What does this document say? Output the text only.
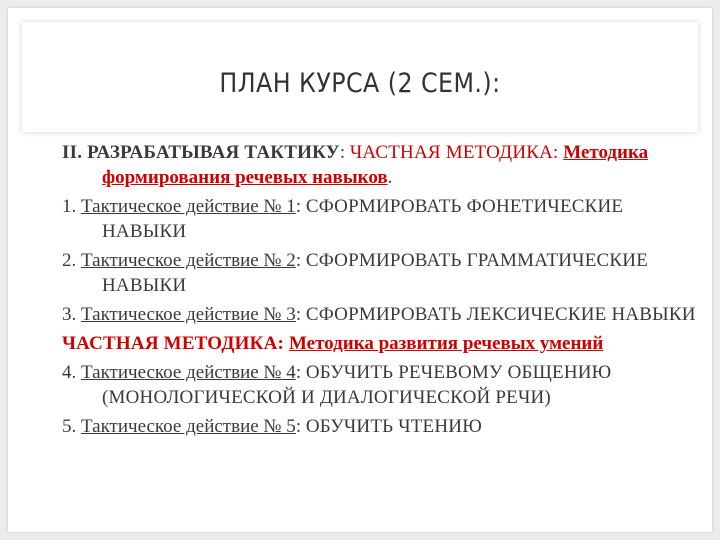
ПЛАН КУРСА (2 СЕМ.):

II. РАЗРАБАТЫВАЯ ТАКТИКУ: ЧАСТНАЯ МЕТОДИКА: Методика формирования речевых навыков.

1. Тактическое действие № 1: СФОРМИРОВАТЬ ФОНЕТИЧЕСКИЕ НАВЫКИ

2. Тактическое действие № 2: СФОРМИРОВАТЬ ГРАММАТИЧЕСКИЕ НАВЫКИ

3. Тактическое действие № 3: СФОРМИРОВАТЬ ЛЕКСИЧЕСКИЕ НАВЫКИ

ЧАСТНАЯ МЕТОДИКА: Методика развития речевых умений

4. Тактическое действие № 4: ОБУЧИТЬ РЕЧЕВОМУ ОБЩЕНИЮ (МОНОЛОГИЧЕСКОЙ И ДИАЛОГИЧЕСКОЙ РЕЧИ)

5. Тактическое действие № 5: ОБУЧИТЬ ЧТЕНИЮ
